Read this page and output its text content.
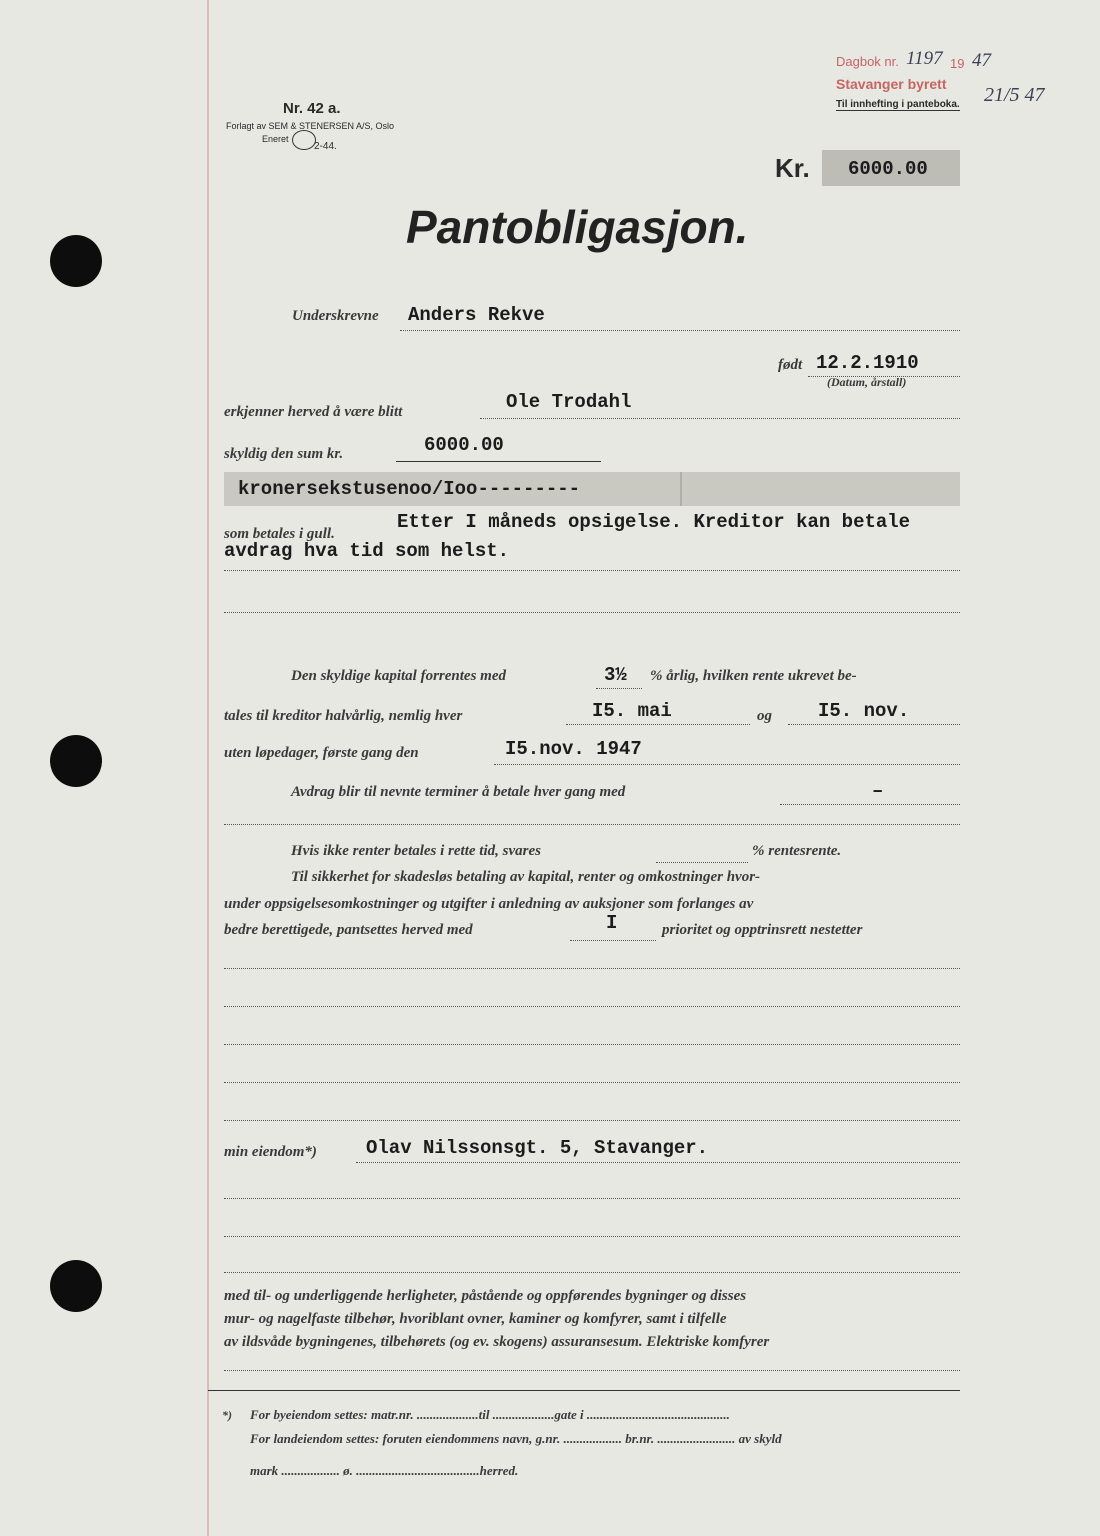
Nr. 42 a.
Forlagt av SEM & STENERSEN A/S, Oslo
Eneret
2-44.
Dagbok nr. 1197 19 47
Stavanger byrett 21/5 47
Til innhefting i panteboka.
Kr. 6000.00
Pantobligasjon.
Underskrevne Anders Rekve
født 12.2.1910
(Datum, årstall)
erkjenner herved å være blitt	Ole Trodahl
skyldig den sum kr.	6000.00
kronersekstusenoo/Ioo---------
som betales i gull.
Etter I måneds opsigelse. Kreditor kan betale
avdrag hva tid som helst.
Den skyldige kapital forrentes med	3½ % årlig, hvilken rente ukrevet be-
tales til kreditor halvårlig, nemlig hver	I5. mai	og I5. nov.
uten løpedager, første gang den	I5.nov. 1947
Avdrag blir til nevnte terminer å betale hver gang med	–
Hvis ikke renter betales i rette tid, svares	% rentesrente.
Til sikkerhet for skadesløs betaling av kapital, renter og omkostninger hvor-
under oppsigelsesomkostninger og utgifter i anledning av auksjoner som forlanges av
bedre berettigede, pantsettes herved med	I	prioritet og opptrinsrett nestetter
min eiendom*)	Olav Nilssonsgt. 5, Stavanger.
med til- og underliggende herligheter, påstående og oppførendes bygninger og disses
mur- og nagelfaste tilbehør, hvoriblant ovner, kaminer og komfyrer, samt i tilfelle
av ildsvåde bygningenes, tilbehørets (og ev. skogens) assuransesum. Elektriske komfyrer
*) For byeiendom settes: matr.nr. ...................til ...................gate i ............................................
For landeiendom settes: foruten eiendommens navn, g.nr. .................. br.nr. ........................ av skyld
mark .................. ø. ......................................herred.
